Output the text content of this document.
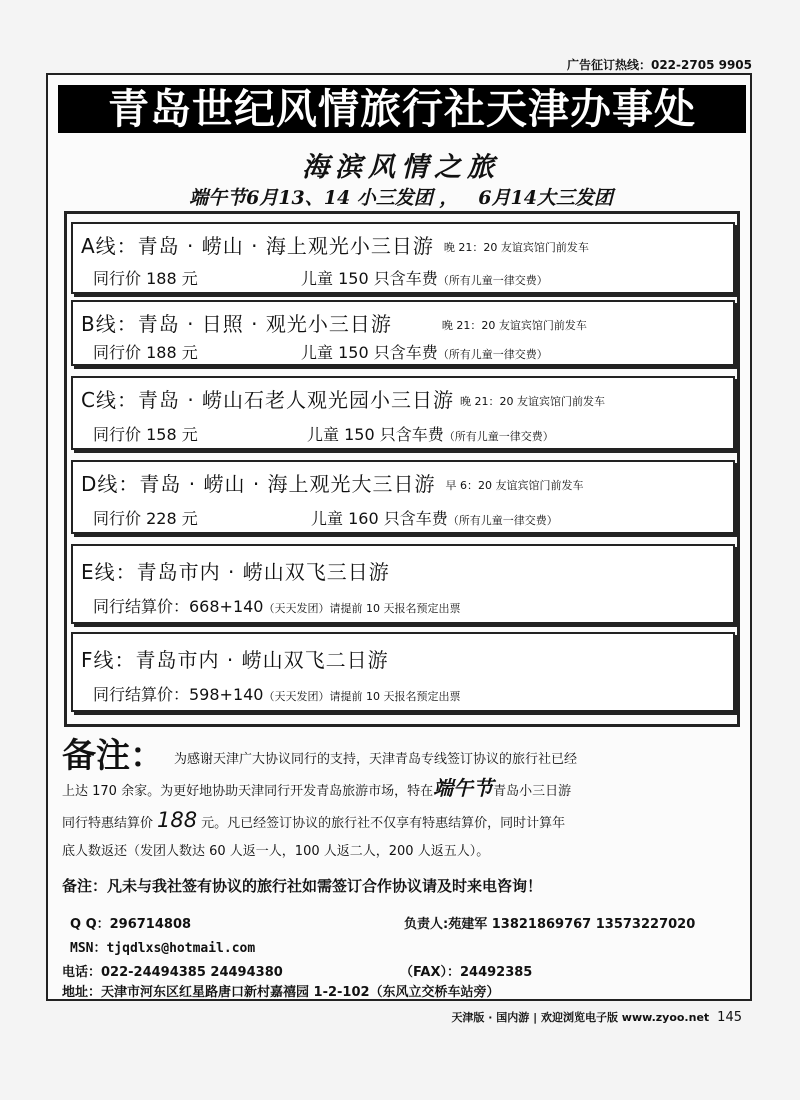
广告征订热线：022-2705 9905
青岛世纪风情旅行社天津办事处
海滨风情之旅
端午节6月13、14 小三发团 ，   6月14大三发团
A线：青岛 · 崂山 · 海上观光小三日游 晚 21：20 友谊宾馆门前发车
同行价 188 元	儿童 150 只含车费（所有儿童一律交费）
B线：青岛 · 日照 · 观光小三日游	晚 21：20 友谊宾馆门前发车
同行价 188 元	儿童 150 只含车费（所有儿童一律交费）
C线：青岛 · 崂山石老人观光园小三日游 晚 21：20 友谊宾馆门前发车
同行价 158 元	儿童 150 只含车费（所有儿童一律交费）
D线：青岛 · 崂山 · 海上观光大三日游 早 6：20 友谊宾馆门前发车
同行价 228 元	儿童 160 只含车费（所有儿童一律交费）
E线：青岛市内 · 崂山双飞三日游
同行结算价：668+140（天天发团）请提前 10 天报名预定出票
F线：青岛市内 · 崂山双飞二日游
同行结算价：598+140（天天发团）请提前 10 天报名预定出票
备注： 为感谢天津广大协议同行的支持，天津青岛专线签订协议的旅行社已经
上达 170 余家。为更好地协助天津同行开发青岛旅游市场，特在端午节青岛小三日游
同行特惠结算价 188 元。凡已经签订协议的旅行社不仅享有特惠结算价，同时计算年
底人数返还（发团人数达 60 人返一人，100 人返二人，200 人返五人）。
备注：凡未与我社签有协议的旅行社如需签订合作协议请及时来电咨询！
Q Q：296714808	负责人:苑建军 13821869767 13573227020
MSN：tjqdlxs@hotmail.com
电话：022-24494385 24494380	（FAX）：24492385
地址：天津市河东区红星路唐口新村嘉禧园 1-2-102（东风立交桥车站旁）
天津版 · 国内游 | 欢迎浏览电子版 www.zyoo.net 145
